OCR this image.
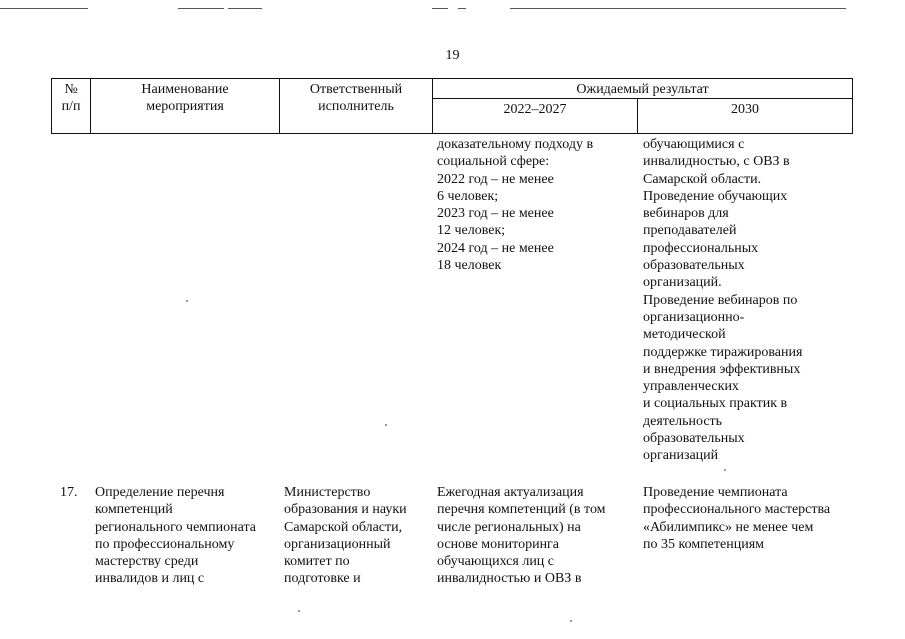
19
№
п/п
Наименование
мероприятия
Ответственный
исполнитель
Ожидаемый результат
2022–2027	2030
доказательному подходу в
социальной сфере:
2022 год – не менее
6 человек;
2023 год – не менее
12 человек;
2024 год – не менее
18 человек
обучающимися с
инвалидностью, с ОВЗ в
Самарской области.
Проведение обучающих
вебинаров для
преподавателей
профессиональных
образовательных
организаций.
Проведение вебинаров по
организационно-
методической
поддержке тиражирования
и внедрения эффективных
управленческих
и социальных практик в
деятельность
образовательных
организаций
17.	Определение перечня
компетенций
регионального чемпионата
по профессиональному
мастерству среди
инвалидов и лиц с
Министерство
образования и науки
Самарской области,
организационный
комитет по
подготовке и
Ежегодная актуализация
перечня компетенций (в том
числе региональных) на
основе мониторинга
обучающихся лиц с
инвалидностью и ОВЗ в
Проведение чемпионата
профессионального мастерства
«Абилимпикс» не менее чем
по 35 компетенциям
